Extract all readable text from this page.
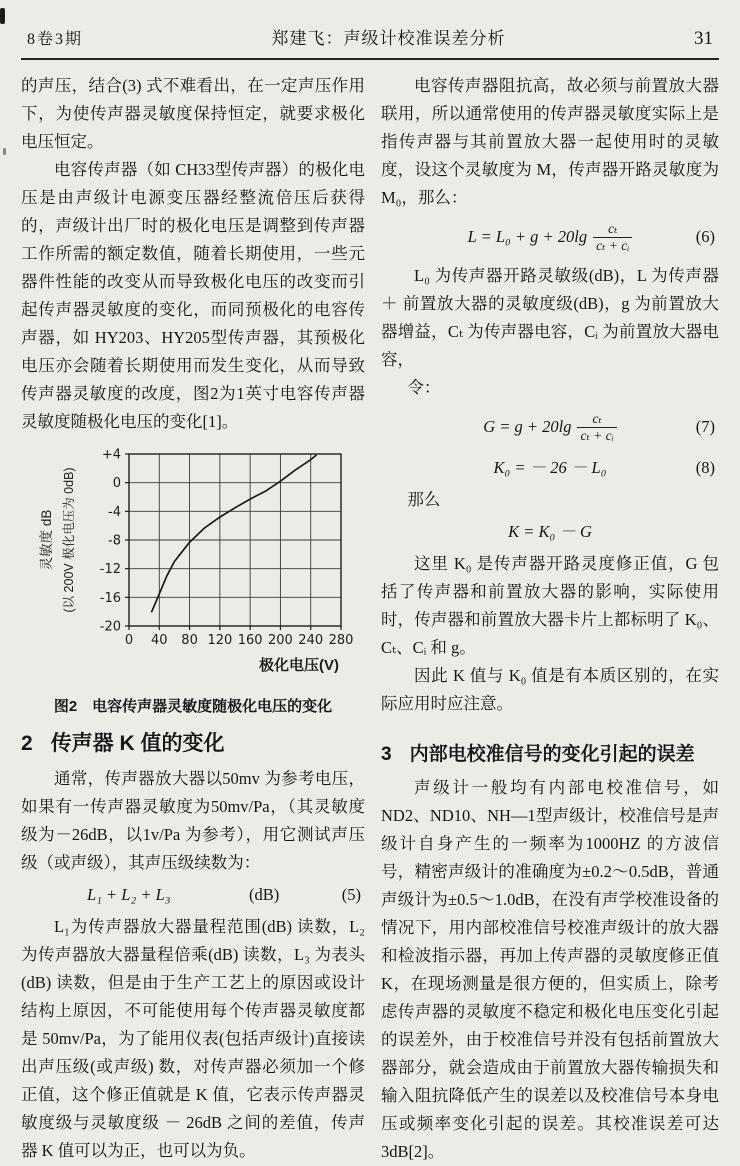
8卷3期	郑建飞：声级计校准误差分析	31

的声压，结合(3) 式不难看出，在一定声压作用下，为使传声器灵敏度保持恒定，就要求极化电压恒定。

电容传声器（如 CH33型传声器）的极化电压是由声级计电源变压器经整流倍压后获得的，声级计出厂时的极化电压是调整到传声器工作所需的额定数值，随着长期使用，一些元器件性能的改变从而导致极化电压的改变而引起传声器灵敏度的变化，而同预极化的电容传声器，如 HY203、HY205型传声器，其预极化电压亦会随着长期使用而发生变化，从而导致传声器灵敏度的改度，图2为1英寸电容传声器灵敏度随极化电压的变化[1]。

+4
0
-4
-8
-12
-16
-20
0 40 80 120 160 200 240 280
灵敏度 dB (以 200V 极化电压为 0dB)
极化电压(V)
图2　电容传声器灵敏度随极化电压的变化
2 传声器 K 值的变化

通常，传声器放大器以50mv 为参考电压，如果有一传声器灵敏度为50mv/Pa，（其灵敏度级为－26dB，以1v/Pa 为参考），用它测试声压级（或声级），其声压级续数为：

L₁ + L₂ + L₃	(dB)	(5)

L₁为传声器放大器量程范围(dB) 读数，L₂为传声器放大器量程倍乘(dB) 读数，L₃ 为表头(dB) 读数，但是由于生产工艺上的原因或设计结构上原因，不可能使用每个传声器灵敏度都是 50mv/Pa，为了能用仪表(包括声级计)直接读出声压级(或声级) 数，对传声器必须加一个修正值，这个修正值就是 K 值，它表示传声器灵敏度级与灵敏度级 － 26dB 之间的差值，传声器 K 值可以为正，也可以为负。

电容传声器阻抗高，故必须与前置放大器联用，所以通常使用的传声器灵敏度实际上是指传声器与其前置放大器一起使用时的灵敏度，设这个灵敏度为 M，传声器开路灵敏度为 M₀，那么：

$L = L_0 + g + 20\lg \frac{\text{cₜ}}{\text{cₜ + cᵢ}}$	(6)

L₀ 为传声器开路灵敏级(dB)，L 为传声器 ＋ 前置放大器的灵敏度级(dB)，g 为前置放大器增益，Cₜ 为传声器电容，Cᵢ 为前置放大器电容，

令：

$G = g + 20\lg \frac{\text{cₜ}}{\text{cₜ + cᵢ}}$	(7)
K₀ = － 26 － L₀	(8)

那么

K = K₀ － G

这里 K₀ 是传声器开路灵度修正值，G 包括了传声器和前置放大器的影响，实际使用时，传声器和前置放大器卡片上都标明了 K₀、Cₜ、Cᵢ 和 g。

因此 K 值与 K₀ 值是有本质区别的，在实际应用时应注意。

3 内部电校准信号的变化引起的误差

声级计一般均有内部电校准信号，如ND2、ND10、NH—1型声级计，校准信号是声级计自身产生的一频率为1000HZ 的方波信号，精密声级计的准确度为±0.2～0.5dB，普通声级计为±0.5～1.0dB，在没有声学校准设备的情况下，用内部校准信号校准声级计的放大器和检波指示器，再加上传声器的灵敏度修正值 K，在现场测量是很方便的，但实质上，除考虑传声器的灵敏度不稳定和极化电压变化引起的误差外，由于校准信号并没有包括前置放大器部分，就会造成由于前置放大器传输损失和输入阻抗降低产生的误差以及校准信号本身电压或频率变化引起的误差。其校准误差可达3dB[2]。
